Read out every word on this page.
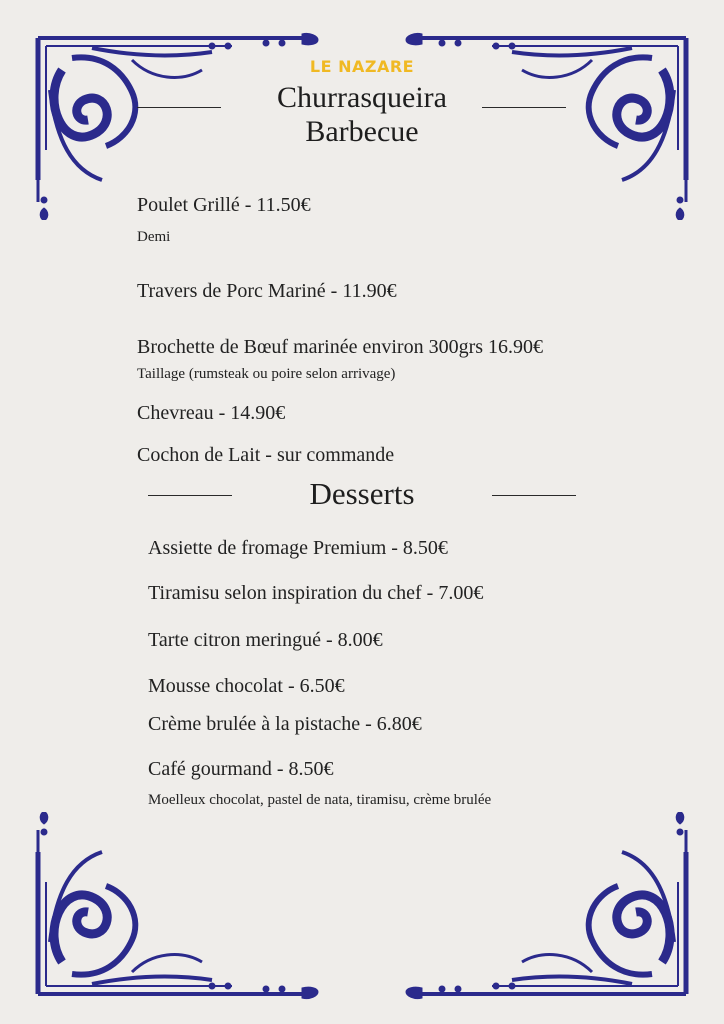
LE NAZARE
Churrasqueira
Barbecue
Poulet Grillé - 11.50€
Demi
Travers de Porc Mariné - 11.90€
Brochette de Bœuf marinée environ 300grs 16.90€
Taillage (rumsteak ou poire selon arrivage)
Chevreau - 14.90€
Cochon de Lait - sur commande
Desserts
Assiette de fromage Premium - 8.50€
Tiramisu selon inspiration du chef - 7.00€
Tarte citron meringué - 8.00€
Mousse chocolat - 6.50€
Crème brulée à la pistache - 6.80€
Café gourmand - 8.50€
Moelleux chocolat, pastel de nata, tiramisu, crème brulée
